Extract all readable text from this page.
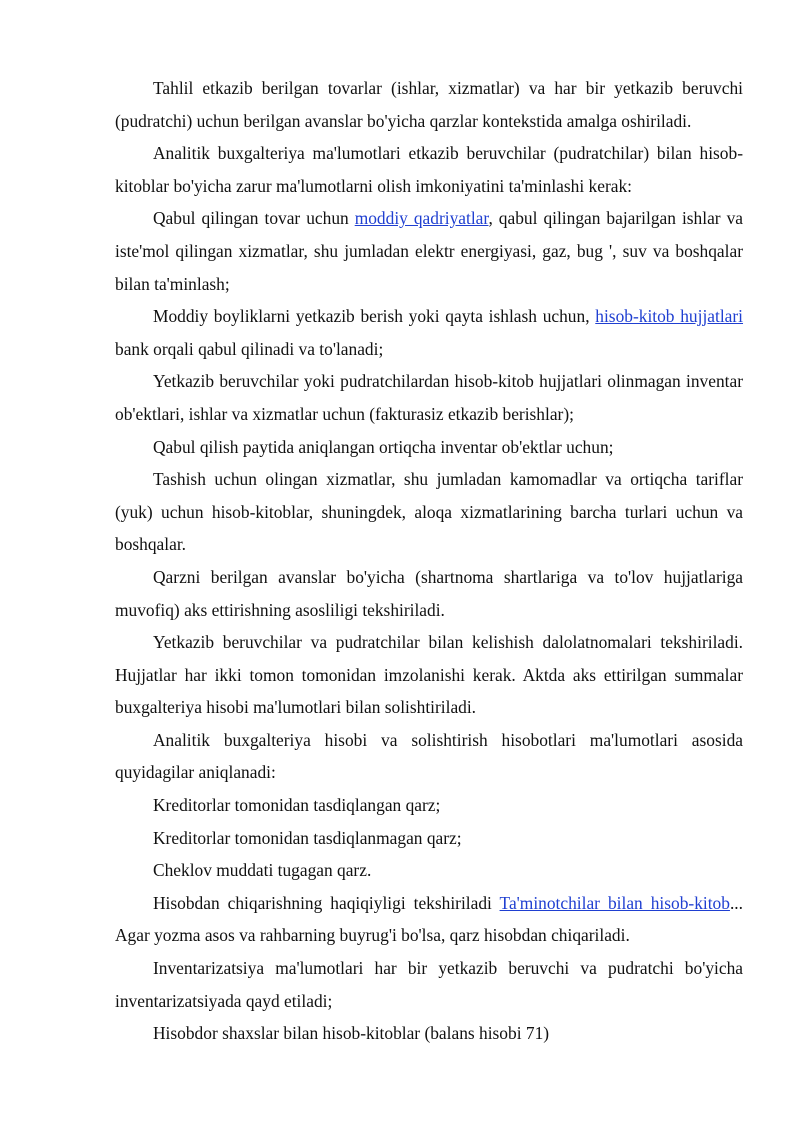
Tahlil etkazib berilgan tovarlar (ishlar, xizmatlar) va har bir yetkazib beruvchi (pudratchi) uchun berilgan avanslar bo'yicha qarzlar kontekstida amalga oshiriladi.

Analitik buxgalteriya ma'lumotlari etkazib beruvchilar (pudratchilar) bilan hisob-kitoblar bo'yicha zarur ma'lumotlarni olish imkoniyatini ta'minlashi kerak:

Qabul qilingan tovar uchun moddiy qadriyatlar, qabul qilingan bajarilgan ishlar va iste'mol qilingan xizmatlar, shu jumladan elektr energiyasi, gaz, bug ', suv va boshqalar bilan ta'minlash;

Moddiy boyliklarni yetkazib berish yoki qayta ishlash uchun, hisob-kitob hujjatlari bank orqali qabul qilinadi va to'lanadi;

Yetkazib beruvchilar yoki pudratchilardan hisob-kitob hujjatlari olinmagan inventar ob'ektlari, ishlar va xizmatlar uchun (fakturasiz etkazib berishlar);

Qabul qilish paytida aniqlangan ortiqcha inventar ob'ektlar uchun;

Tashish uchun olingan xizmatlar, shu jumladan kamomadlar va ortiqcha tariflar (yuk) uchun hisob-kitoblar, shuningdek, aloqa xizmatlarining barcha turlari uchun va boshqalar.

Qarzni berilgan avanslar bo'yicha (shartnoma shartlariga va to'lov hujjatlariga muvofiq) aks ettirishning asosliligi tekshiriladi.

Yetkazib beruvchilar va pudratchilar bilan kelishish dalolatnomalari tekshiriladi. Hujjatlar har ikki tomon tomonidan imzolanishi kerak. Aktda aks ettirilgan summalar buxgalteriya hisobi ma'lumotlari bilan solishtiriladi.

Analitik buxgalteriya hisobi va solishtirish hisobotlari ma'lumotlari asosida quyidagilar aniqlanadi:

Kreditorlar tomonidan tasdiqlangan qarz;

Kreditorlar tomonidan tasdiqlanmagan qarz;

Cheklov muddati tugagan qarz.

Hisobdan chiqarishning haqiqiyligi tekshiriladi Ta'minotchilar bilan hisob-kitob... Agar yozma asos va rahbarning buyrug'i bo'lsa, qarz hisobdan chiqariladi.

Inventarizatsiya ma'lumotlari har bir yetkazib beruvchi va pudratchi bo'yicha inventarizatsiyada qayd etiladi;

Hisobdor shaxslar bilan hisob-kitoblar (balans hisobi 71)
